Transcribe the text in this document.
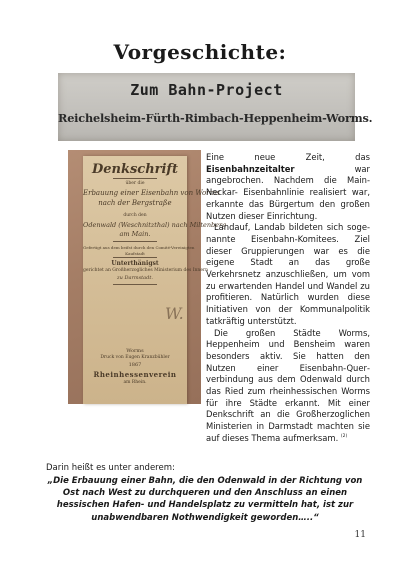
Vorgeschichte:
Zum Bahn-Project
Reichelsheim-Fürth-Rimbach-Heppenheim-Worms.
Denkschrift
über die
Erbauung einer Eisenbahn von Worms
nach der Bergstraße
durch den
Odenwald (Weschnitzthal) nach Miltenberg
am Main.
Gefertigt aus dem beifst durch den Comité-Vereinigten
Kaufstadt
Unterthänigst
gerichtet an Großherzogliches Ministerium des Innern
zu Darmstadt.
W.
Worms
Druck von Eugen Kranzbühler
1867
Rheinhessenverein
am Rhein.

Eine neue Zeit, das Eisenbahnzeitalter war angebrochen. Nachdem die Main-Neckar- Eisenbahnlinie realisiert war, erkannte das Bürgertum den großen Nutzen dieser Einrichtung.

Landauf, Landab bildeten sich sogenannte Eisenbahn-Komitees. Ziel dieser Gruppierungen war es die eigene Stadt an das große Verkehrsnetz anzuschließen, um vom zu erwartenden Handel und Wandel zu profitieren. Natürlich wurden diese Initiativen von der Kommunalpolitik tatkräftig unterstützt.

Die großen Städte Worms, Heppenheim und Bensheim waren besonders aktiv. Sie hatten den Nutzen einer Eisenbahn-Querverbindung aus dem Odenwald durch das Ried zum rheinhessischen Worms für ihre Städte erkannt. Mit einer Denkschrift an die Großherzoglichen Ministerien in Darmstadt machten sie auf dieses Thema aufmerksam. $^{(2)}$

Darin heißt es unter anderem:
„Die Erbauung einer Bahn, die den Odenwald in der Richtung von Ost nach West zu durchqueren und den Anschluss an einen hessischen Hafen- und Handelsplatz zu vermitteln hat, ist zur unabwendbaren Nothwendigkeit geworden…..“
11
